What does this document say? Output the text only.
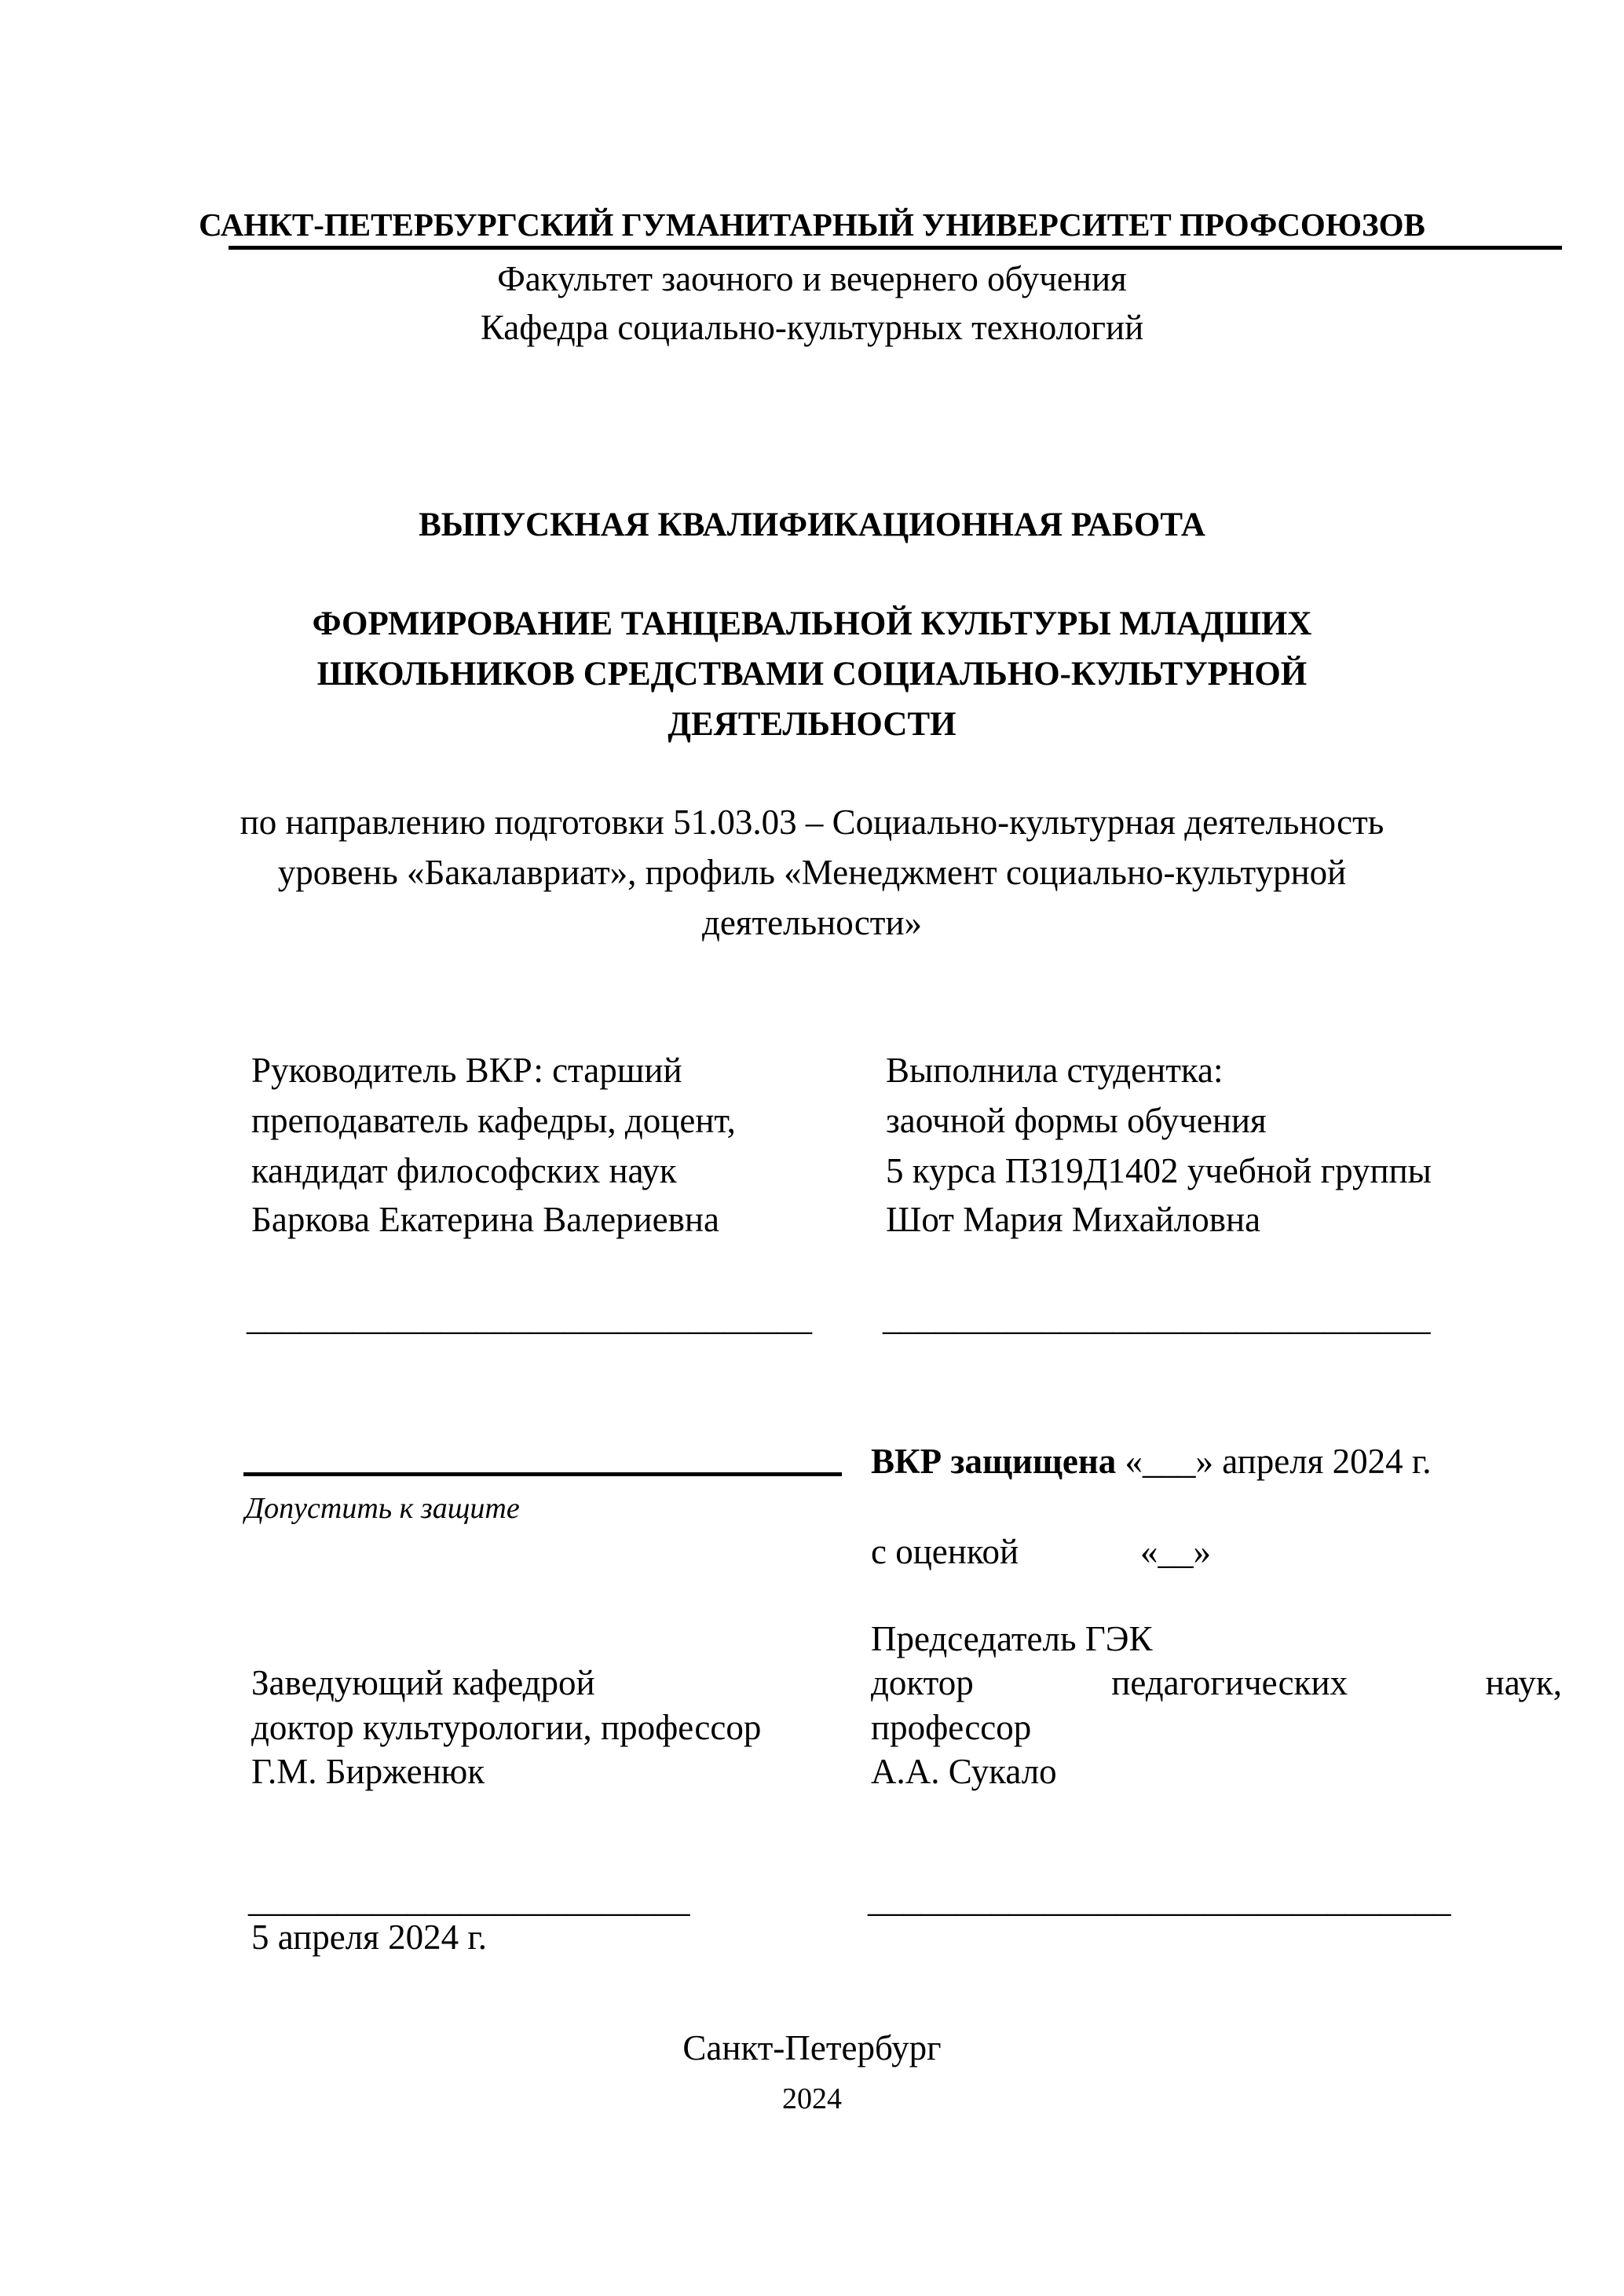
САНКТ-ПЕТЕРБУРГСКИЙ ГУМАНИТАРНЫЙ УНИВЕРСИТЕТ ПРОФСОЮЗОВ
Факультет заочного и вечернего обучения
Кафедра социально-культурных технологий
ВЫПУСКНАЯ КВАЛИФИКАЦИОННАЯ РАБОТА
ФОРМИРОВАНИЕ ТАНЦЕВАЛЬНОЙ КУЛЬТУРЫ МЛАДШИХ
ШКОЛЬНИКОВ СРЕДСТВАМИ СОЦИАЛЬНО-КУЛЬТУРНОЙ
ДЕЯТЕЛЬНОСТИ
по направлению подготовки 51.03.03 – Социально-культурная деятельность
уровень «Бакалавриат», профиль «Менеджмент социально-культурной
деятельности»
Руководитель ВКР: старший
преподаватель кафедры, доцент,
кандидат философских наук
Баркова Екатерина Валериевна
Выполнила студентка:
заочной формы обучения
5 курса ПЗ19Д1402 учебной группы
Шот Мария Михайловна
________________________________ _______________________________
Допустить к защите
ВКР защищена «___» апреля 2024 г.
с оценкой	«__»
Заведующий кафедрой
доктор культурологии, профессор
Г.М. Бирженюк
Председатель ГЭК
доктор	педагогических	наук,
профессор
А.А. Сукало
_________________________	_________________________________
5 апреля 2024 г.
Санкт-Петербург
2024
